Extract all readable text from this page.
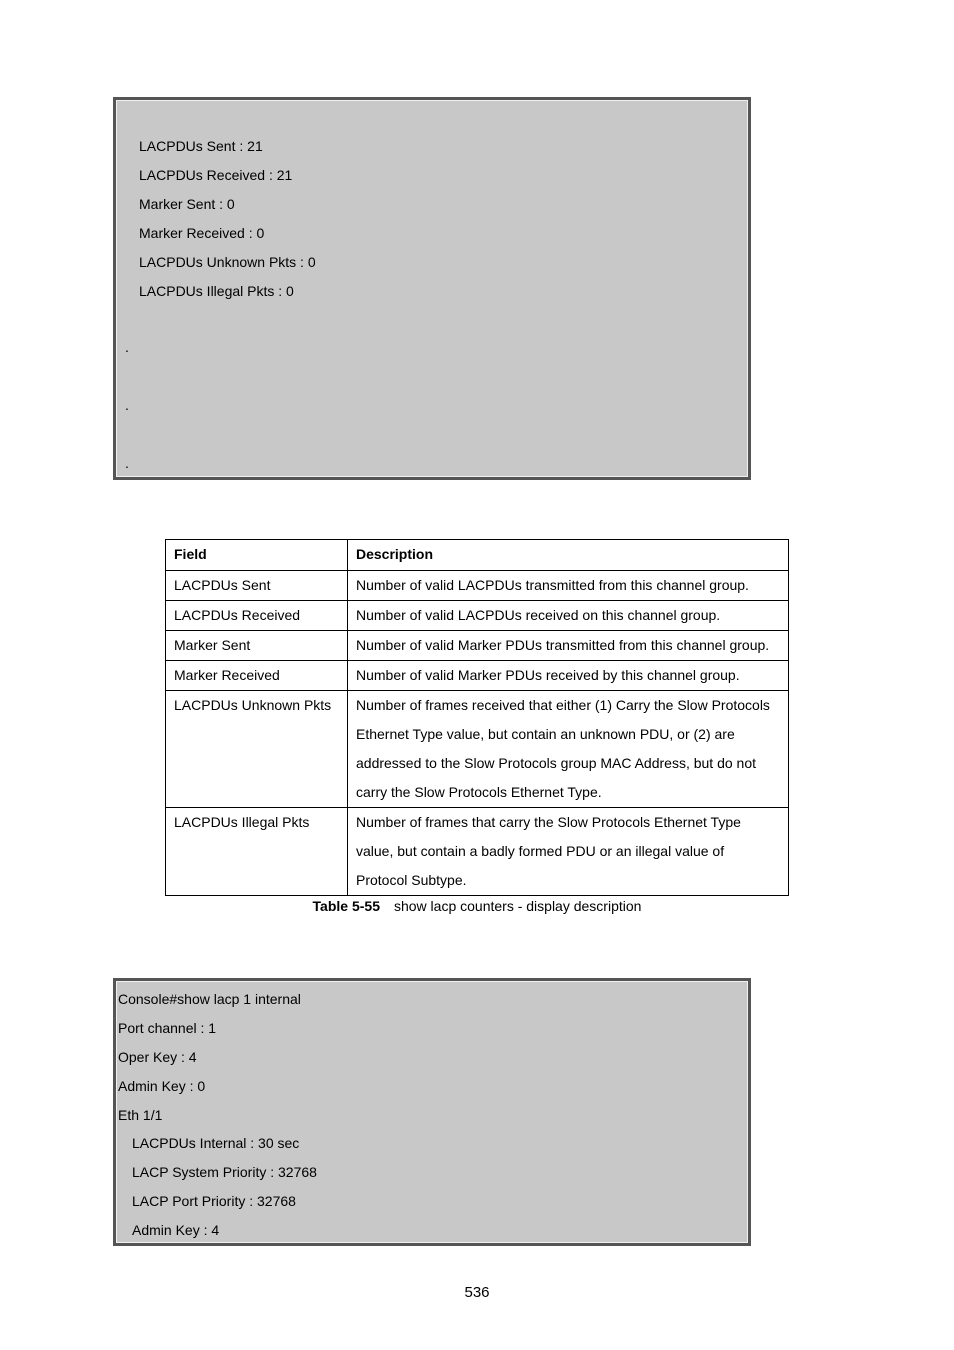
LACPDUs Sent : 21
LACPDUs Received : 21
Marker Sent : 0
Marker Received : 0
LACPDUs Unknown Pkts : 0
LACPDUs Illegal Pkts : 0
.
.
.
Field	Description
LACPDUs Sent	Number of valid LACPDUs transmitted from this channel group.
LACPDUs Received	Number of valid LACPDUs received on this channel group.
Marker Sent	Number of valid Marker PDUs transmitted from this channel group.
Marker Received	Number of valid Marker PDUs received by this channel group.
LACPDUs Unknown Pkts	Number of frames received that either (1) Carry the Slow Protocols
Ethernet Type value, but contain an unknown PDU, or (2) are
addressed to the Slow Protocols group MAC Address, but do not
carry the Slow Protocols Ethernet Type.
LACPDUs Illegal Pkts	Number of frames that carry the Slow Protocols Ethernet Type
value, but contain a badly formed PDU or an illegal value of
Protocol Subtype.
Table 5-55 show lacp counters - display description
Console#show lacp 1 internal
Port channel : 1
Oper Key : 4
Admin Key : 0
Eth 1/1
LACPDUs Internal : 30 sec
LACP System Priority : 32768
LACP Port Priority : 32768
Admin Key : 4
536
